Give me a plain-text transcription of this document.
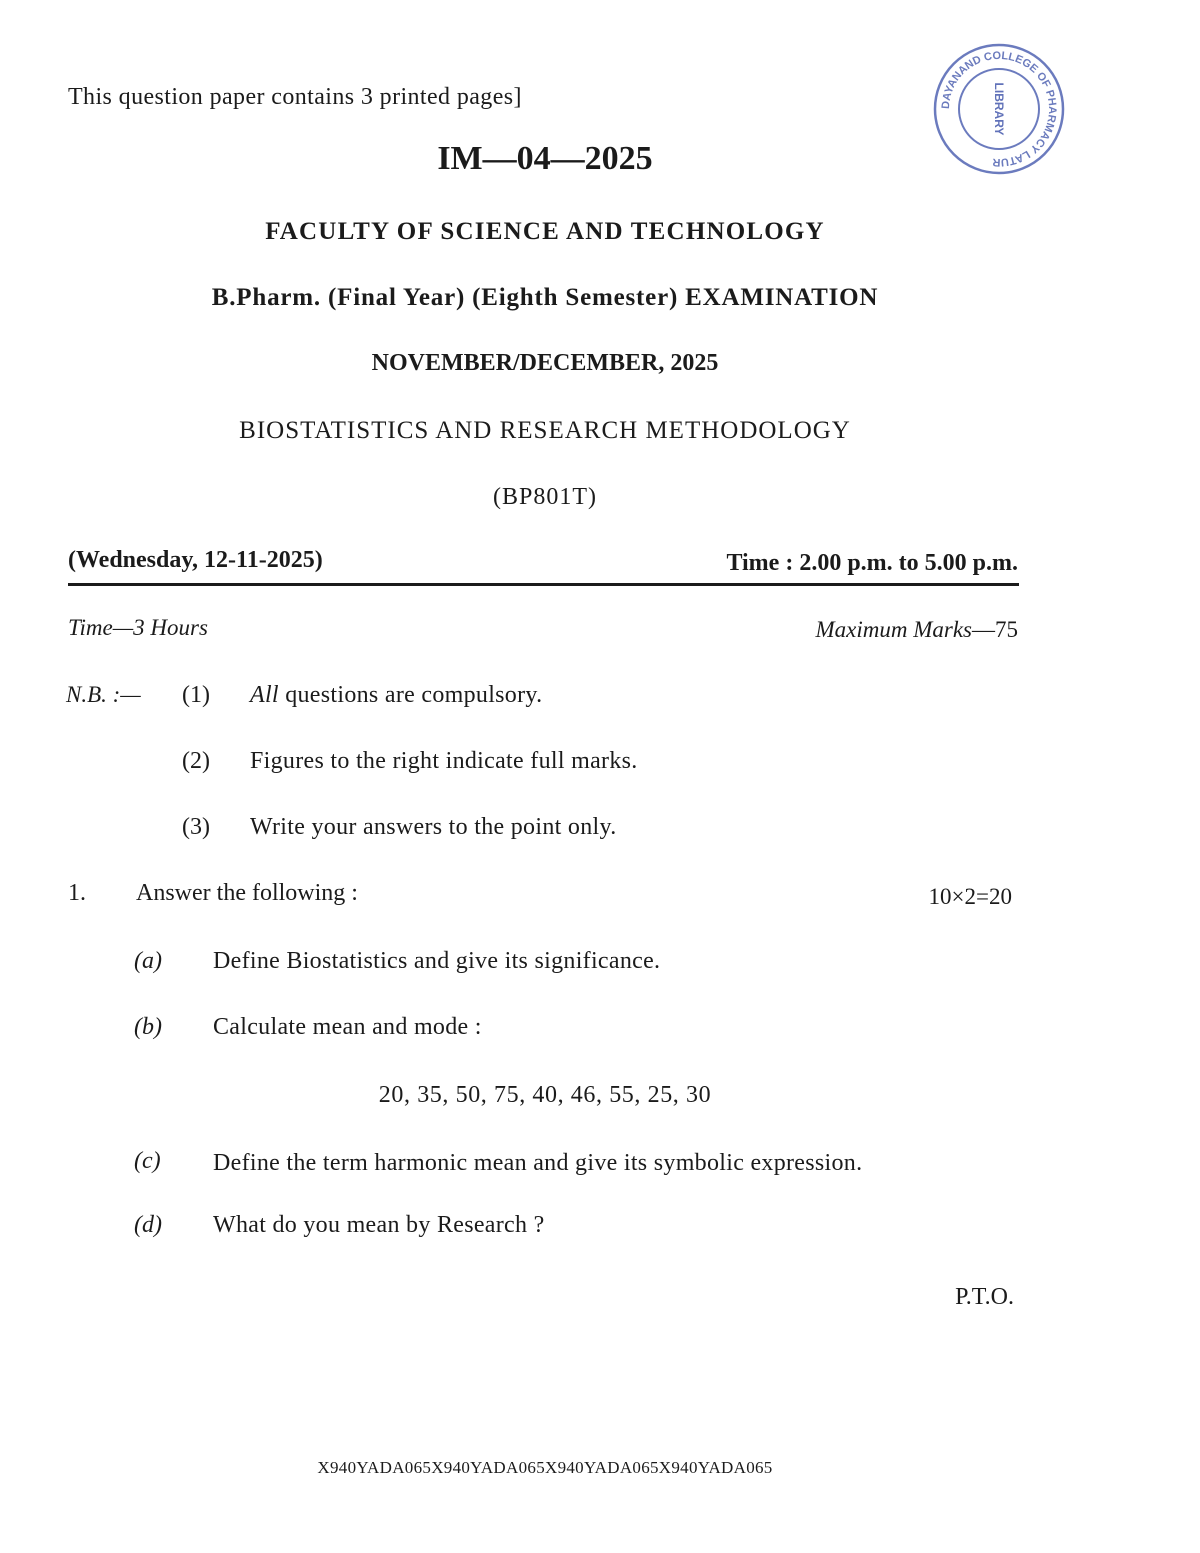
DAYANAND COLLEGE OF PHARMACY LATUR
LIBRARY
This question paper contains 3 printed pages]
IM—04—2025
FACULTY OF SCIENCE AND TECHNOLOGY
B.Pharm. (Final Year) (Eighth Semester) EXAMINATION
NOVEMBER/DECEMBER, 2025
BIOSTATISTICS AND RESEARCH METHODOLOGY
(BP801T)
(Wednesday, 12-11-2025)	Time : 2.00 p.m. to 5.00 p.m.
Time—3 Hours	Maximum Marks—75
N.B. :— (1) All questions are compulsory.
(2) Figures to the right indicate full marks.
(3) Write your answers to the point only.
1. Answer the following :	10×2=20
(a) Define Biostatistics and give its significance.
(b) Calculate mean and mode :
20, 35, 50, 75, 40, 46, 55, 25, 30
(c) Define the term harmonic mean and give its symbolic expression.
(d) What do you mean by Research ?
P.T.O.
X940YADA065X940YADA065X940YADA065X940YADA065
